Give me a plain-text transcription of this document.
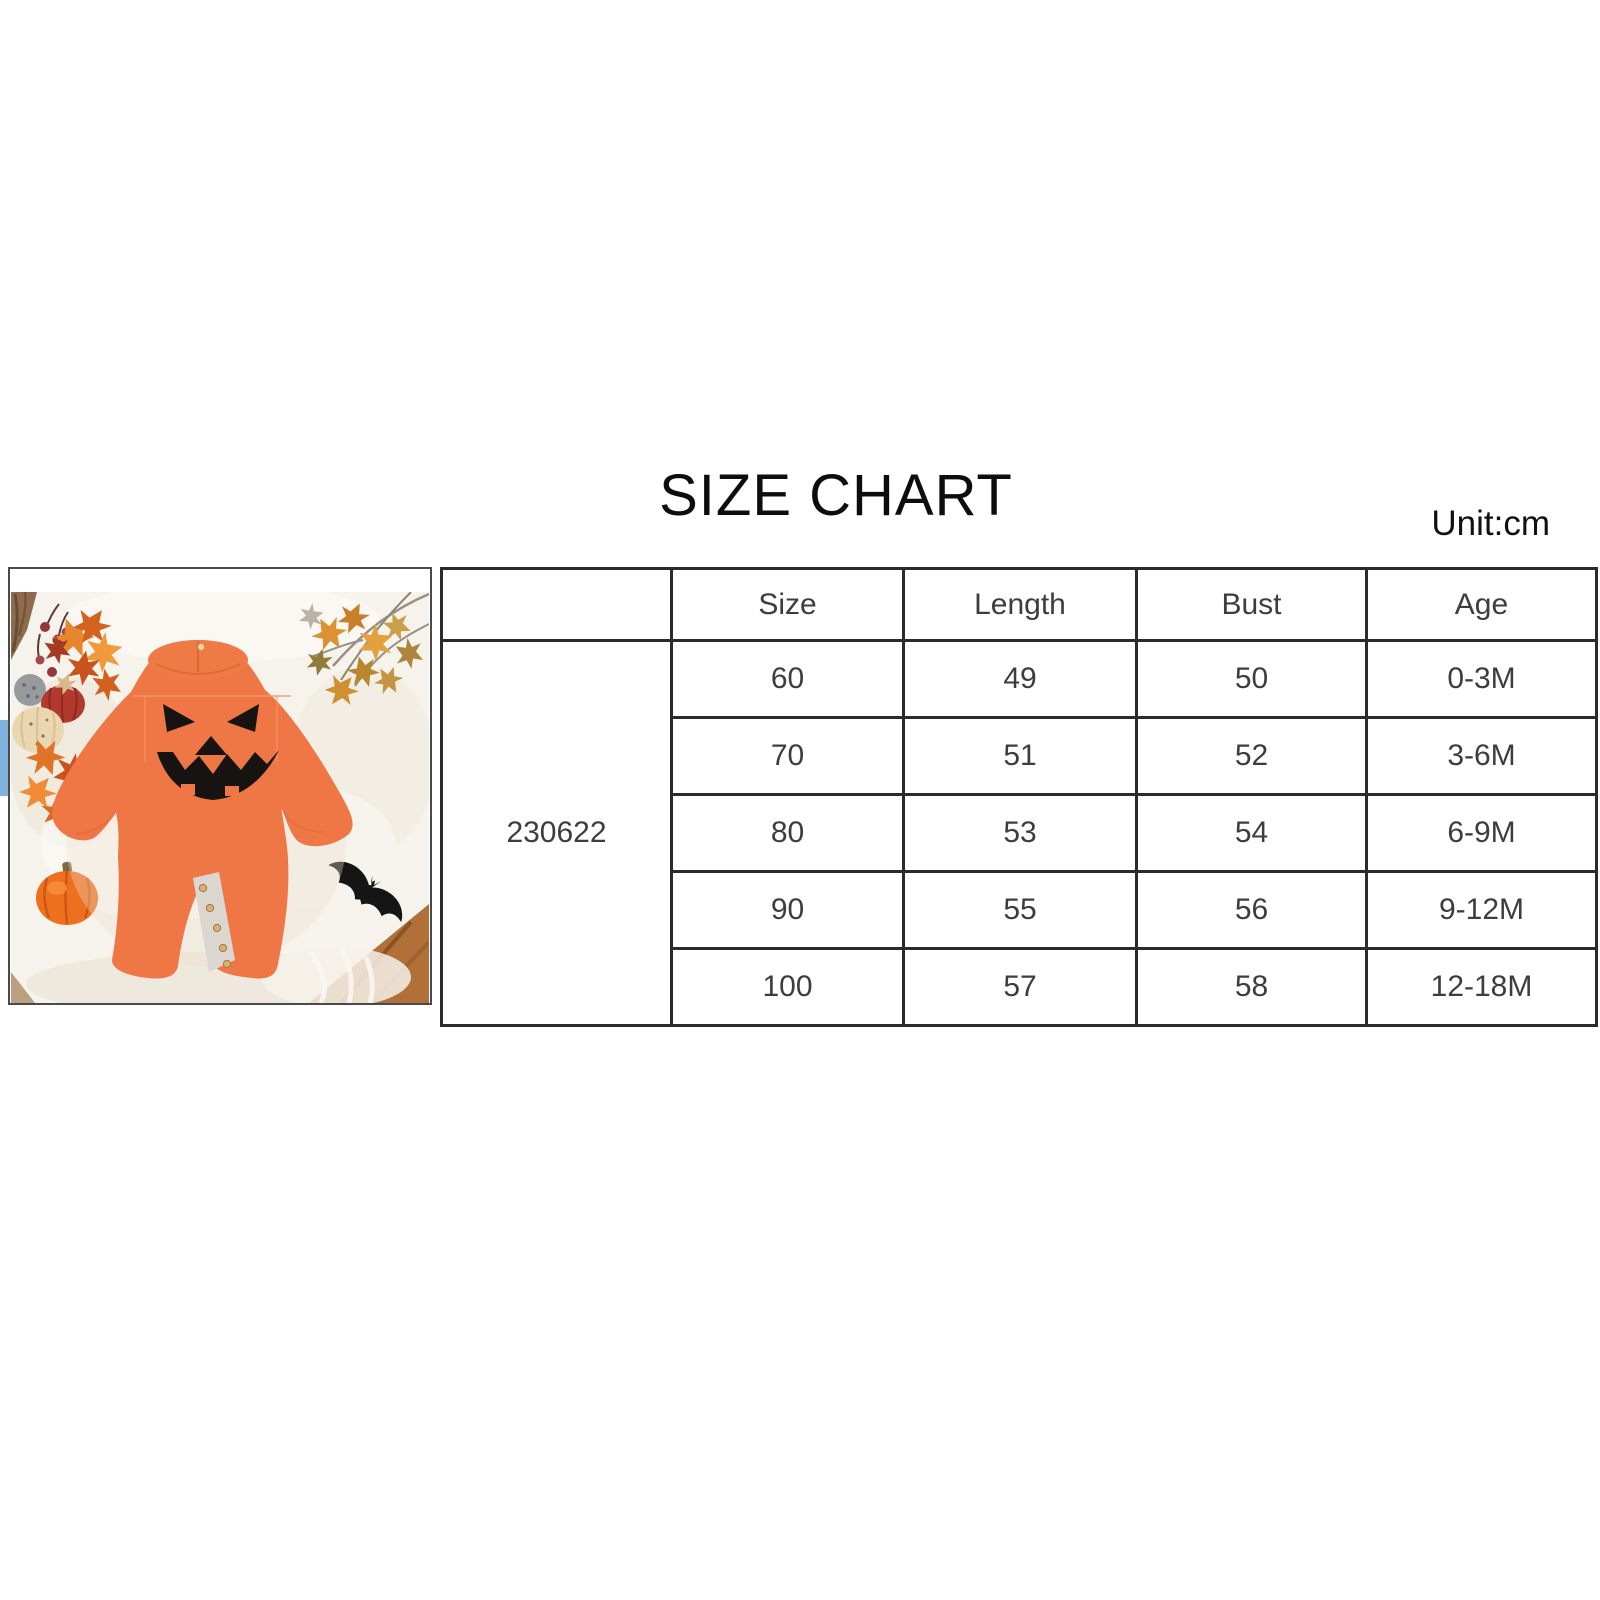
SIZE CHART	Unit:cm
	Size	Length	Bust	Age
230622	60	49	50	0-3M
	70	51	52	3-6M
	80	53	54	6-9M
	90	55	56	9-12M
	100	57	58	12-18M
